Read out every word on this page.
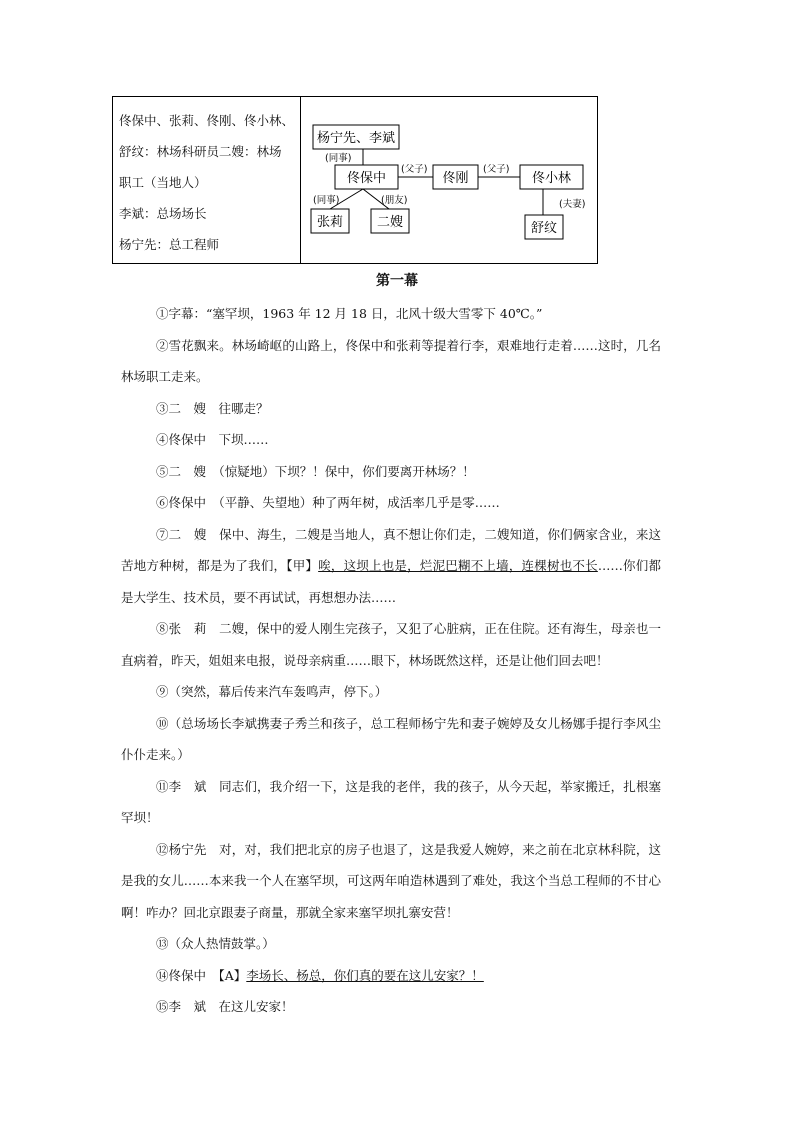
佟保中、张莉、佟刚、佟小林、
舒纹：林场科研员二嫂：林场
职工（当地人）
李斌：总场场长
杨宁先：总工程师
杨宁先、李斌
佟保中	佟刚	佟小林
张莉	二嫂	舒纹
(同事)
(父子)	(父子)
(同事)	(朋友)	(夫妻)
第一幕
①字幕：“塞罕坝，1963 年 12 月 18 日，北风十级大雪零下 40℃。”
②雪花飘来。林场崎岖的山路上，佟保中和张莉等提着行李，艰难地行走着……这时，几名林场职工走来。
③二　嫂　往哪走？
④佟保中　下坝……
⑤二　嫂　（惊疑地）下坝？！保中，你们要离开林场？！
⑥佟保中　（平静、失望地）种了两年树，成活率几乎是零……
⑦二　嫂　保中、海生，二嫂是当地人，真不想让你们走，二嫂知道，你们俩家含业，来这苦地方种树，都是为了我们，【甲】唉，这坝上也是，烂泥巴糊不上墙，连棵树也不长……你们都是大学生、技术员，要不再试试，再想想办法……
⑧张　莉　二嫂，保中的爱人刚生完孩子，又犯了心脏病，正在住院。还有海生，母亲也一直病着，昨天，姐姐来电报，说母亲病重……眼下，林场既然这样，还是让他们回去吧！
⑨（突然，幕后传来汽车轰鸣声，停下。）
⑩（总场场长李斌携妻子秀兰和孩子，总工程师杨宁先和妻子婉婷及女儿杨娜手提行李风尘仆仆走来。）
⑪李　斌　同志们，我介绍一下，这是我的老伴，我的孩子，从今天起，举家搬迁，扎根塞罕坝！
⑫杨宁先　对，对，我们把北京的房子也退了，这是我爱人婉婷，来之前在北京林科院，这是我的女儿……本来我一个人在塞罕坝，可这两年咱造林遇到了难处，我这个当总工程师的不甘心啊！咋办？回北京跟妻子商量，那就全家来塞罕坝扎寨安营！
⑬（众人热情鼓掌。）
⑭佟保中　【A】李场长、杨总，你们真的要在这儿安家？！
⑮李　斌　在这儿安家！
